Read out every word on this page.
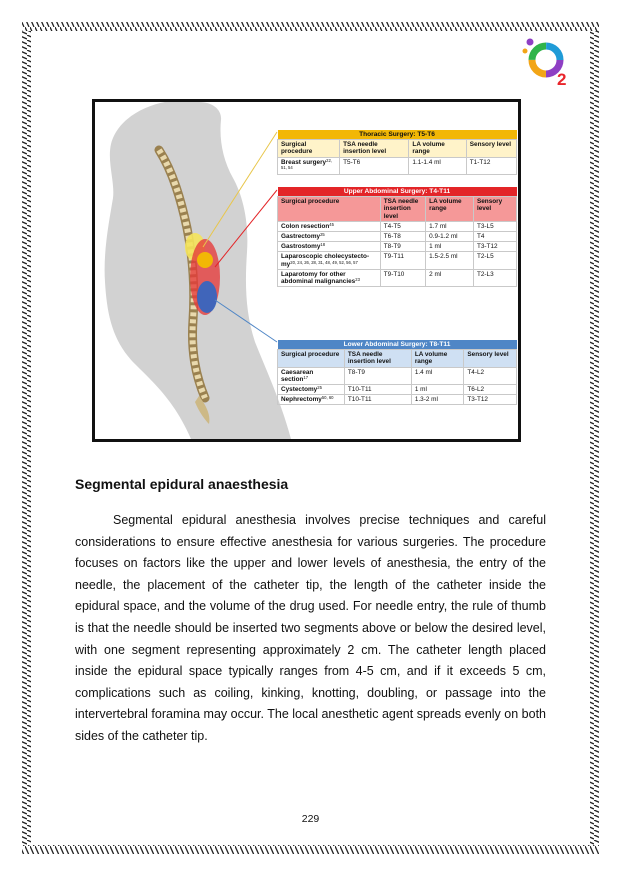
2
Thoracic Surgery: T5-T6			
Surgical procedure	TSA needle insertion level	LA volume range	Sensory level
Breast surgery$^{22, 51, 54}$	T5-T6	1.1-1.4 ml	T1-T12
Upper Abdominal Surgery: T4-T11			
Surgical procedure	TSA needle insertion level	LA volume range	Sensory level
Colon resection$^{45}$	T4-T5	1.7 ml	T3-L5
Gastrectomy$^{25}$	T6-T8	0.9-1.2 ml	T4
Gastrostomy$^{18}$	T8-T9	1 ml	T3-T12
Laparoscopic cholecystecto-my$^{20, 24, 26, 28, 31, 48, 49, 52, 56, 57}$	T9-T11	1.5-2.5 ml	T2-L5
Laparotomy for other abdominal malignancies$^{23}$	T9-T10	2 ml	T2-L3
Lower Abdominal Surgery: T8-T11			
Surgical procedure	TSA needle insertion level	LA volume range	Sensory level
Caesarean section$^{17}$	T8-T9	1.4 ml	T4-L2
Cystectomy$^{25}$	T10-T11	1 ml	T6-L2
Nephrectomy$^{50, 60}$	T10-T11	1.3-2 ml	T3-T12
Segmental epidural anaesthesia

Segmental epidural anesthesia involves precise techniques and careful considerations to ensure effective anesthesia for various surgeries. The procedure focuses on factors like the upper and lower levels of anesthesia, the entry of the needle, the placement of the catheter tip, the length of the catheter inside the epidural space, and the volume of the drug used. For needle entry, the rule of thumb is that the needle should be inserted two segments above or below the desired level, with one segment representing approximately 2 cm. The catheter length placed inside the epidural space typically ranges from 4-5 cm, and if it exceeds 5 cm, complications such as coiling, kinking, knotting, doubling, or passage into the intervertebral foramina may occur. The local anesthetic agent spreads evenly on both sides of the catheter tip.

229
